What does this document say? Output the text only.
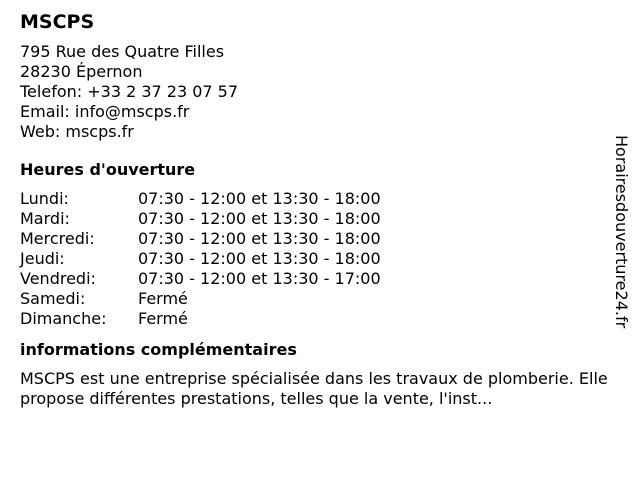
MSCPS
795 Rue des Quatre Filles
28230 Épernon
Telefon: +33 2 37 23 07 57
Email: info@mscps.fr
Web: mscps.fr
Heures d'ouverture
Lundi:	07:30 - 12:00 et 13:30 - 18:00
Mardi:	07:30 - 12:00 et 13:30 - 18:00
Mercredi:	07:30 - 12:00 et 13:30 - 18:00
Jeudi:	07:30 - 12:00 et 13:30 - 18:00
Vendredi:	07:30 - 12:00 et 13:30 - 17:00
Samedi:	Fermé
Dimanche:	Fermé
informations complémentaires

MSCPS est une entreprise spécialisée dans les travaux de plomberie. Elle propose différentes prestations, telles que la vente, l'inst...

Horairesdouverture24.fr
